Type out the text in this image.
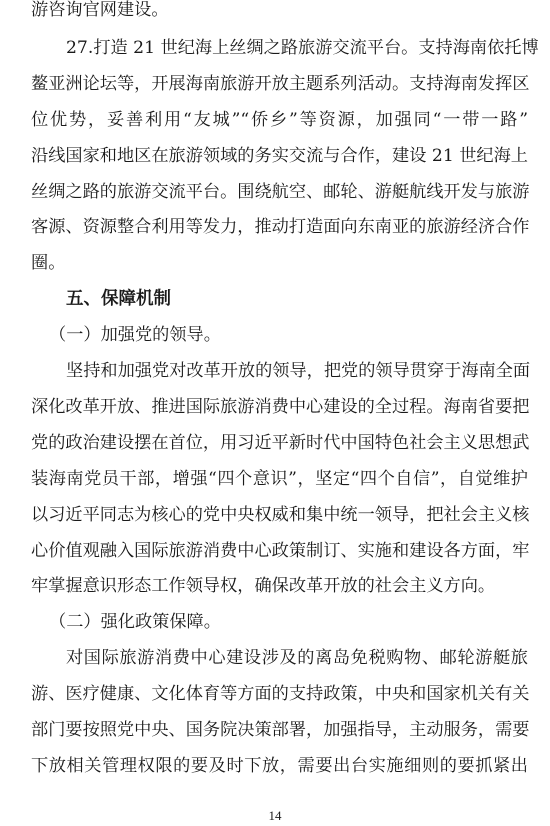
游咨询官网建设。
27.打造 21 世纪海上丝绸之路旅游交流平台。支持海南依托博
鳌亚洲论坛等，开展海南旅游开放主题系列活动。支持海南发挥区
位优势，妥善利用“友城”“侨乡”等资源，加强同“一带一路”
沿线国家和地区在旅游领域的务实交流与合作，建设 21 世纪海上
丝绸之路的旅游交流平台。围绕航空、邮轮、游艇航线开发与旅游
客源、资源整合利用等发力，推动打造面向东南亚的旅游经济合作
圈。
五、保障机制
（一）加强党的领导。
坚持和加强党对改革开放的领导，把党的领导贯穿于海南全面
深化改革开放、推进国际旅游消费中心建设的全过程。海南省要把
党的政治建设摆在首位，用习近平新时代中国特色社会主义思想武
装海南党员干部，增强“四个意识”，坚定“四个自信”，自觉维护
以习近平同志为核心的党中央权威和集中统一领导，把社会主义核
心价值观融入国际旅游消费中心政策制订、实施和建设各方面，牢
牢掌握意识形态工作领导权，确保改革开放的社会主义方向。
（二）强化政策保障。
对国际旅游消费中心建设涉及的离岛免税购物、邮轮游艇旅
游、医疗健康、文化体育等方面的支持政策，中央和国家机关有关
部门要按照党中央、国务院决策部署，加强指导，主动服务，需要
下放相关管理权限的要及时下放，需要出台实施细则的要抓紧出
14
